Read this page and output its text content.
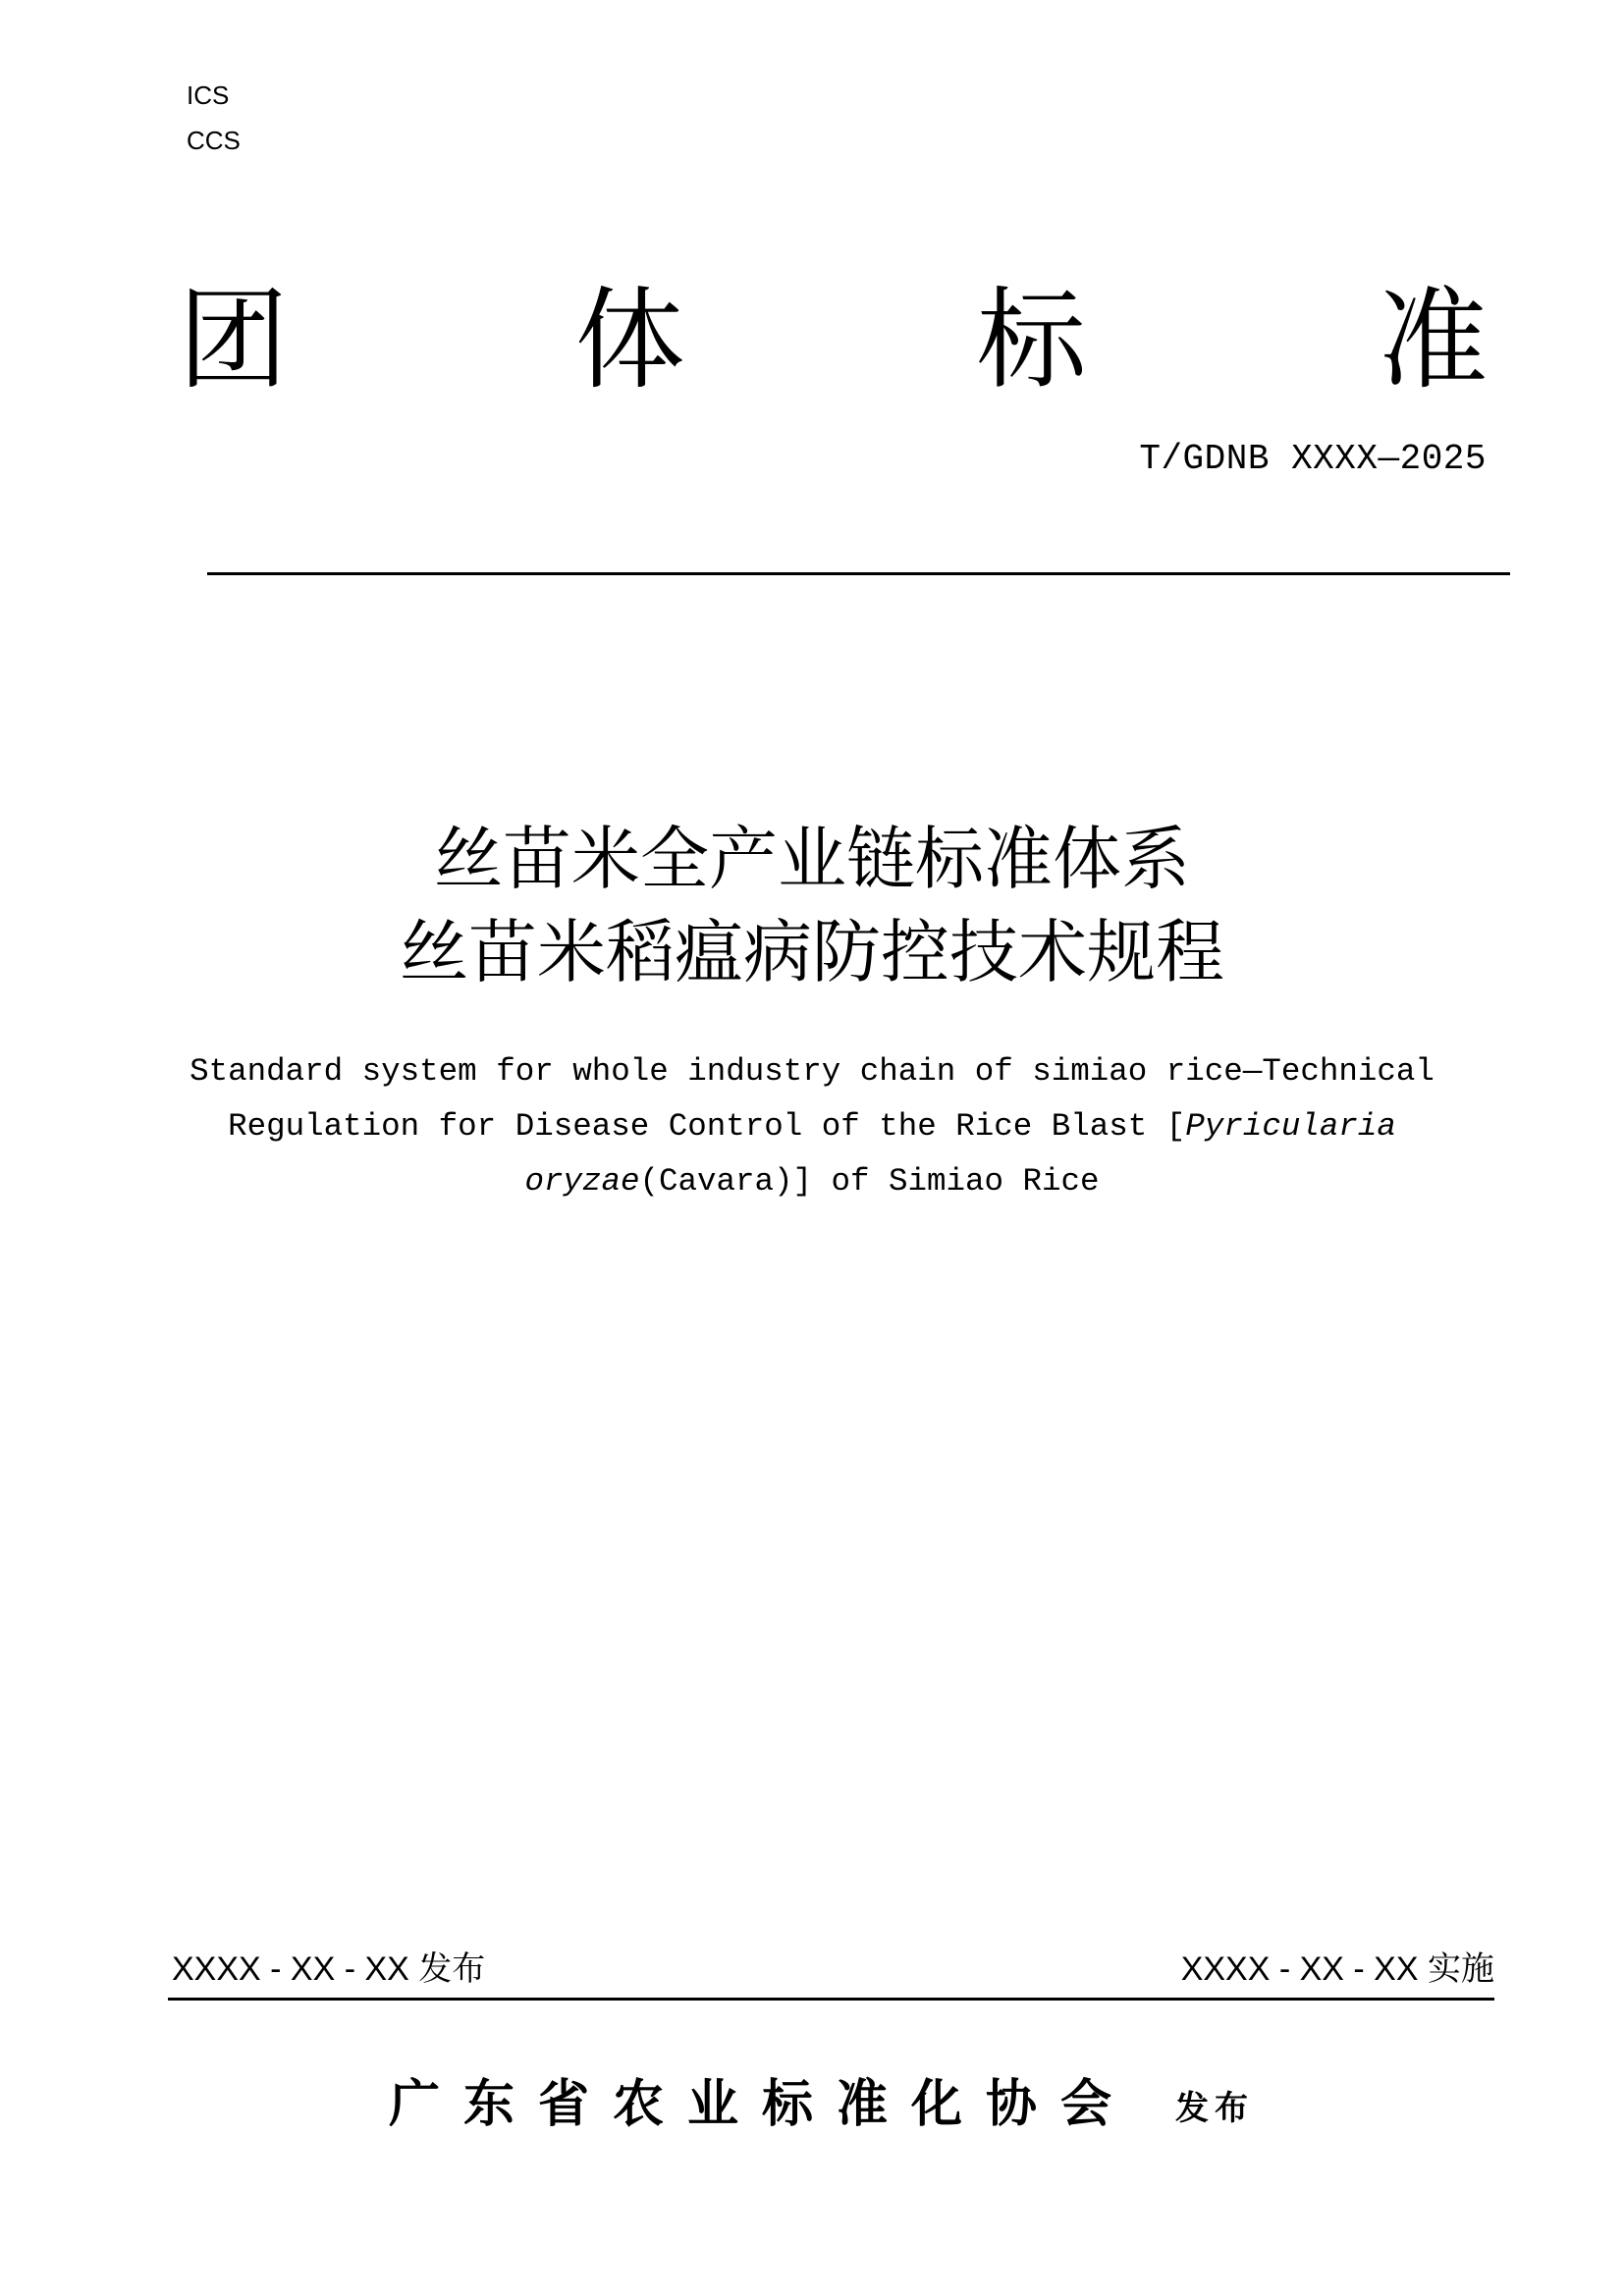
ICS
CCS
团	体	标	准
T/GDNB XXXX—2025
丝苗米全产业链标准体系
丝苗米稻瘟病防控技术规程
Standard system for whole industry chain of simiao rice—Technical
Regulation for Disease Control of the Rice Blast [Pyricularia
oryzae(Cavara)] of Simiao Rice
XXXX - XX - XX 发布	XXXX - XX - XX 实施
广东省农业标准化协会 发布
